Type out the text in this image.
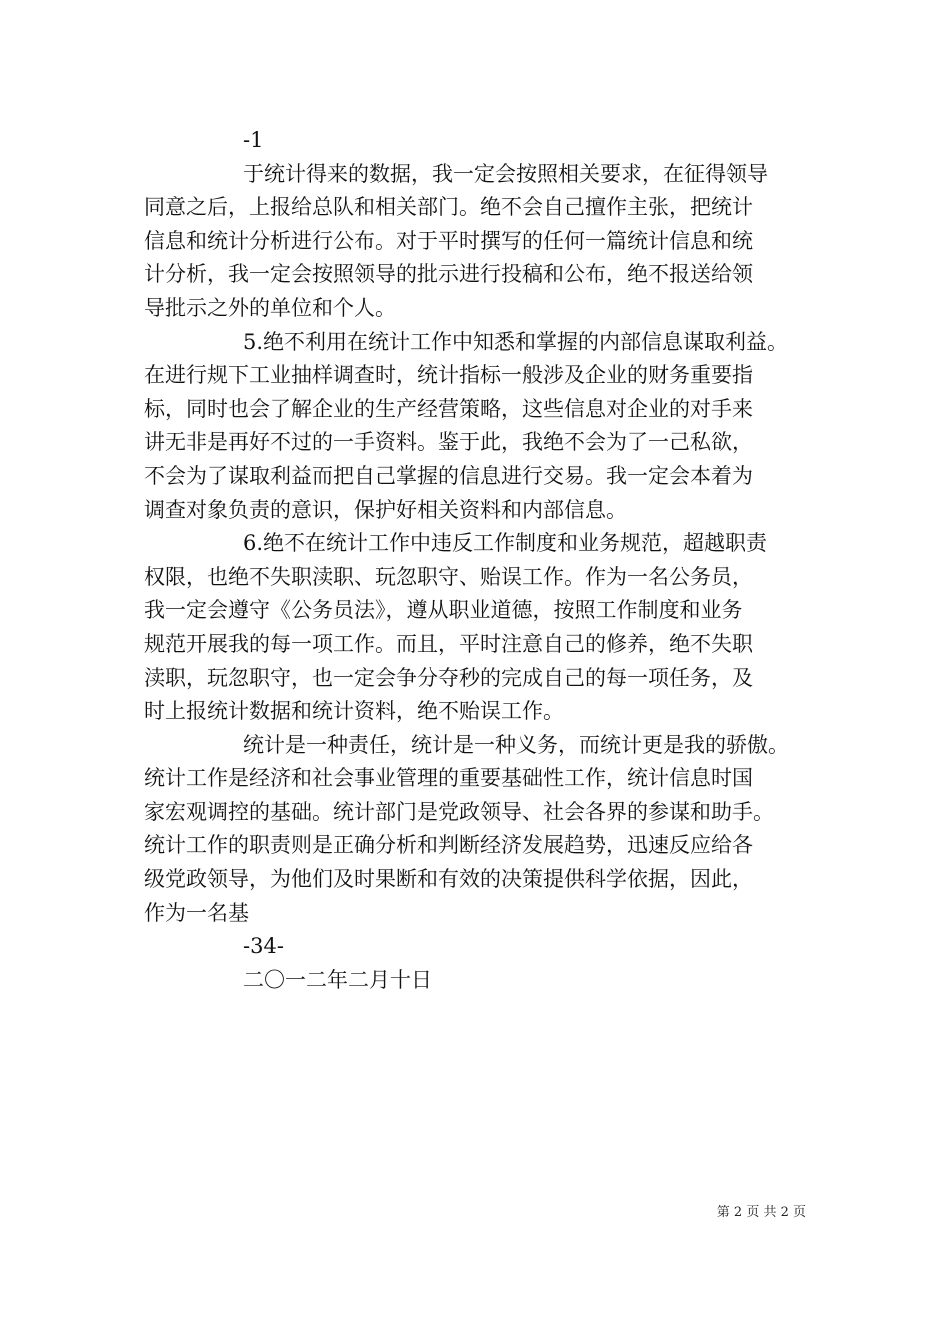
-1
于统计得来的数据，我一定会按照相关要求，在征得领导
同意之后，上报给总队和相关部门。绝不会自己擅作主张，把统计
信息和统计分析进行公布。对于平时撰写的任何一篇统计信息和统
计分析，我一定会按照领导的批示进行投稿和公布，绝不报送给领
导批示之外的单位和个人。
5.绝不利用在统计工作中知悉和掌握的内部信息谋取利益。
在进行规下工业抽样调查时，统计指标一般涉及企业的财务重要指
标，同时也会了解企业的生产经营策略，这些信息对企业的对手来
讲无非是再好不过的一手资料。鉴于此，我绝不会为了一己私欲，
不会为了谋取利益而把自己掌握的信息进行交易。我一定会本着为
调查对象负责的意识，保护好相关资料和内部信息。
6.绝不在统计工作中违反工作制度和业务规范，超越职责
权限，也绝不失职渎职、玩忽职守、贻误工作。作为一名公务员，
我一定会遵守《公务员法》，遵从职业道德，按照工作制度和业务
规范开展我的每一项工作。而且，平时注意自己的修养，绝不失职
渎职，玩忽职守，也一定会争分夺秒的完成自己的每一项任务，及
时上报统计数据和统计资料，绝不贻误工作。
统计是一种责任，统计是一种义务，而统计更是我的骄傲。
统计工作是经济和社会事业管理的重要基础性工作，统计信息时国
家宏观调控的基础。统计部门是党政领导、社会各界的参谋和助手。
统计工作的职责则是正确分析和判断经济发展趋势，迅速反应给各
级党政领导，为他们及时果断和有效的决策提供科学依据，因此，
作为一名基
-34-
二〇一二年二月十日
第 2 页 共 2 页
